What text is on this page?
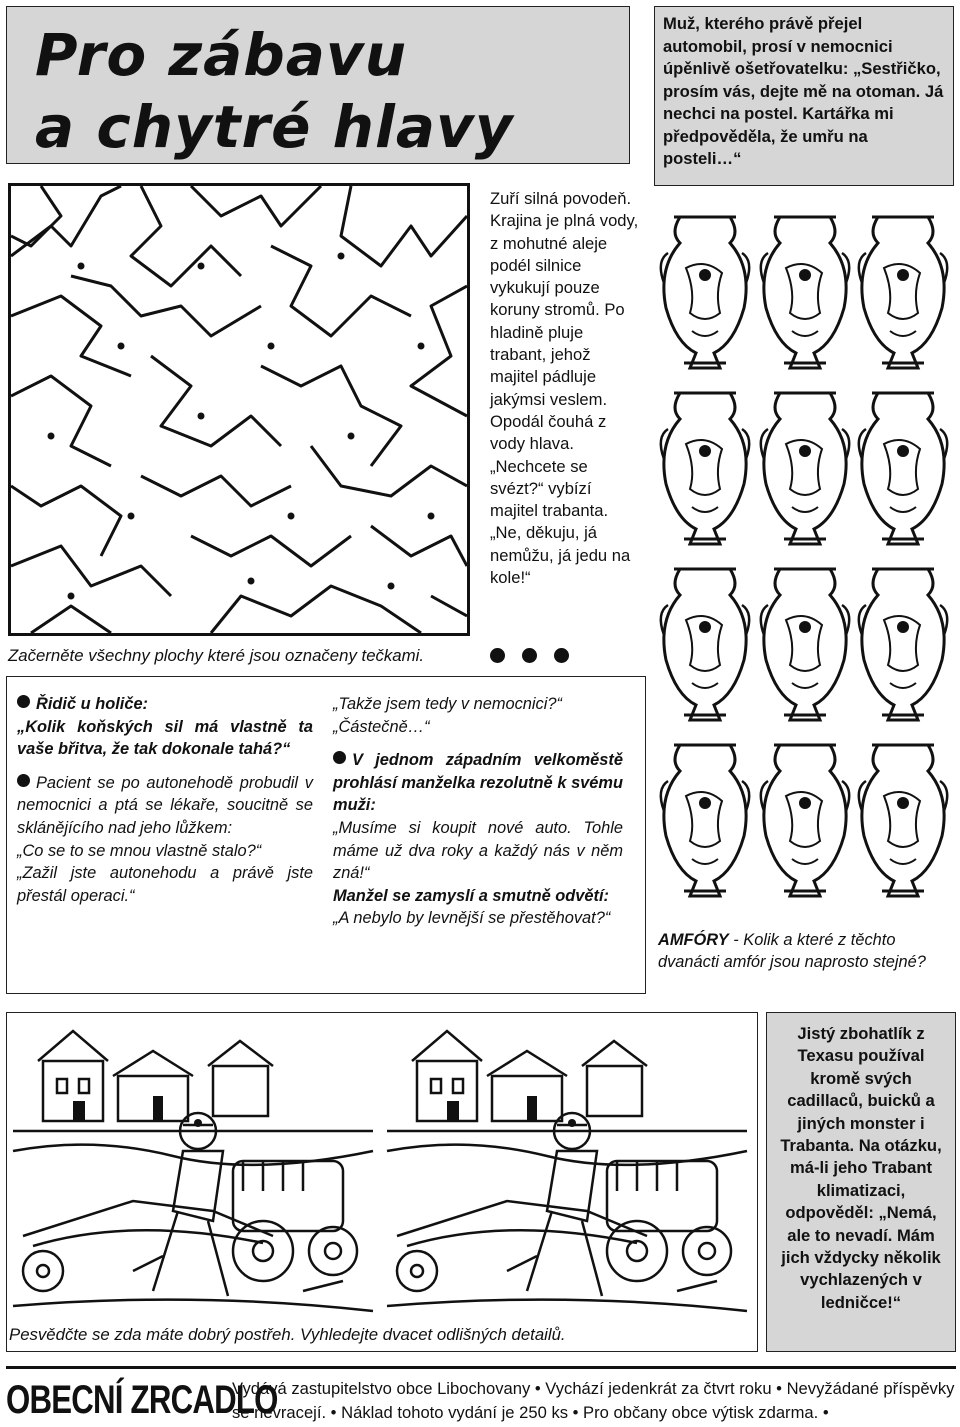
Pro zábavu
a chytré hlavy
Muž, kterého právě přejel automobil, prosí v nemocnici úpěnlivě ošetřovatelku: „Sestřičko, prosím vás, dejte mě na otoman. Já nechci na postel. Kartářka mi předpověděla, že umřu na posteli…“
Zuří silná povodeň. Krajina je plná vody, z mohutné aleje podél silnice vykukují pouze koruny stromů. Po hladině pluje trabant, jehož majitel pádluje jakýmsi veslem. Opodál čouhá z vody hlava. „Nechcete se svézt?“ vybízí majitel trabanta. „Ne, děkuju, já nemůžu, já jedu na kole!“
Začerněte všechny plochy které jsou označeny tečkami.

Řidič u holiče:
„Kolik koňských sil má vlastně ta vaše břitva, že tak dokonale tahá?“

Pacient se po autonehodě probudil v nemocnici a ptá se lékaře, soucitně se sklánějícího nad jeho lůžkem:
„Co se to se mnou vlastně stalo?“
„Zažil jste autonehodu a právě jste přestál operaci.“

„Takže jsem tedy v nemocnici?“
„Částečně…“

V jednom západním velkoměstě prohlásí manželka rezolutně k svému muži:
„Musíme si koupit nové auto. Tohle máme už dva roky a každý nás v něm zná!“
Manžel se zamyslí a smutně odvětí:
„A nebylo by levnější se přestěhovat?“

AMFÓRY - Kolik a které z těchto dvanácti amfór jsou naprosto stejné?
Pesvědčte se zda máte dobrý postřeh. Vyhledejte dvacet odlišných detailů.
Jistý zbohatlík z Texasu používal kromě svých cadillaců, buicků a jiných monster i Trabanta. Na otázku, má-li jeho Trabant klimatizaci, odpověděl: „Nemá, ale to nevadí. Mám jich vždycky několik vychlazených v ledničce!“
OBECNÍ ZRCADLO
Vydává zastupitelstvo obce Libochovany • Vychází jedenkrát za čtvrt roku • Nevyžádané příspěvky se nevracejí. • Náklad tohoto vydání je 250 ks • Pro občany obce výtisk zdarma. •
